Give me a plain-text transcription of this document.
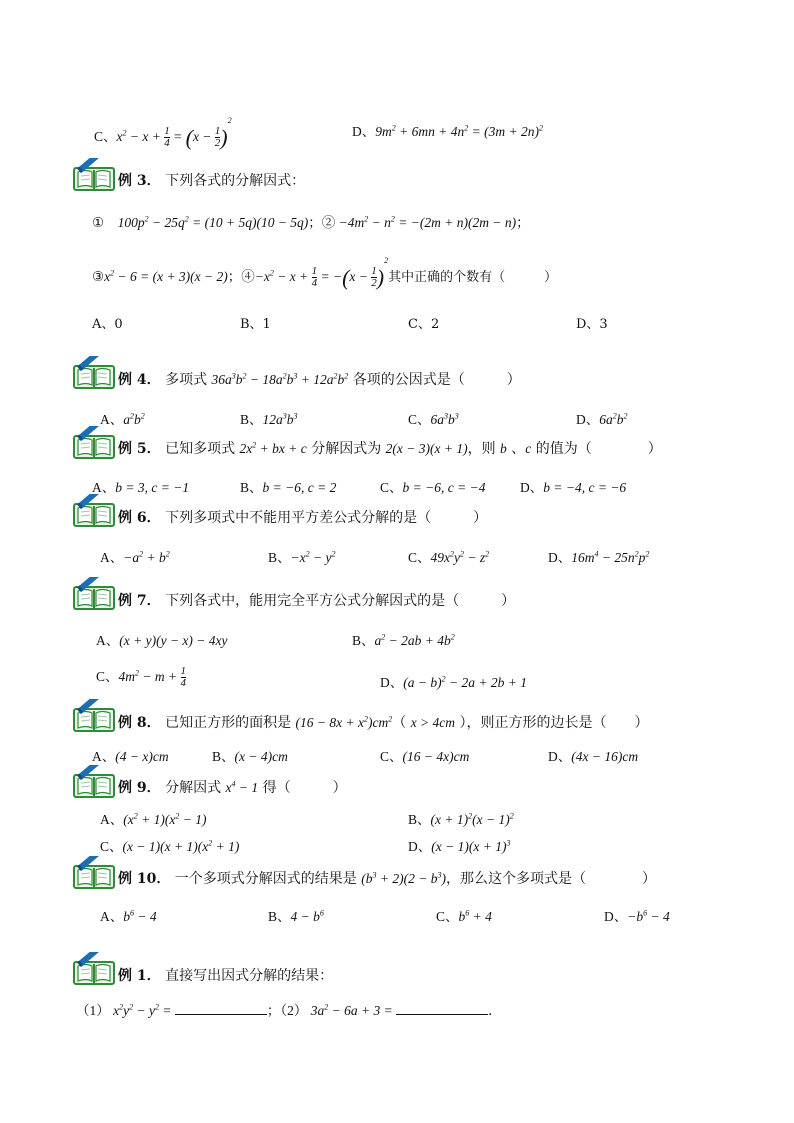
C、$x^2 - x + \frac{1}{4} = (x - \frac{1}{2} )^2$
D、$9m^2 + 6mn + 4n^2 = (3m + 2n)^2$
例 3． 下列各式的分解因式：
①　$100p^2 - 25q^2 = (10 + 5q)(10 - 5q)$；② $-4m^2 - n^2 = -(2m + n)(2m - n)$；
$③x^2 - 6 = (x + 3)(x - 2)$；$④-x^2 - x + \frac{1}{4} = -(x - \frac{1}{2} )^2$其中正确的个数有（　　　）
A、0	B、1	C、2	D、3
例 4． 多项式 $36a^3b^2 - 18a^2b^3 + 12a^2b^2$ 各项的公因式是（　　　）
A、$a^2b^2$	B、$12a^3b^3$	C、$6a^3b^3$	D、$6a^2b^2$
例 5． 已知多项式 $2x^2$ + bx + c 分解因式为 2(x − 3)(x + 1)，则 b 、c 的值为（　　　　）
A、b = 3, c = −1	B、b = −6, c = 2	C、b = −6, c = −4	D、b = −4, c = −6
例 6． 下列多项式中不能用平方差公式分解的是（　　　）
A、$-a^2 + b^2$	B、$-x^2 - y^2$	C、$49x^2y^2 - z^2$	D、$16m^4 - 25n^2p^2$
例 7． 下列各式中，能用完全平方公式分解因式的是（　　　）
A、(x + y)(y − x) − 4xy	B、$a^2 - 2ab + 4b^2$
C、$4m^2 - m + \frac{1}{4}$	D、$(a - b)^2 - 2a + 2b + 1$
例 8． 已知正方形的面积是 $(16 - 8x + x^2)cm^2$（ x > 4cm ），则正方形的边长是（　　）
A、(4 − x)cm	B、(x − 4)cm	C、(16 − 4x)cm	D、(4x − 16)cm
例 9． 分解因式 $x^4 - 1$ 得（　　　）
A、$(x^2 + 1)(x^2 - 1)$	B、$(x + 1)^2(x - 1)^2$
C、$(x - 1)(x + 1)(x^2 + 1)$	D、$(x - 1)(x + 1)^3$
例 10． 一个多项式分解因式的结果是 $(b^3 + 2)(2 - b^3)$，那么这个多项式是（　　　　）
A、$b^6 - 4$	B、$4 - b^6$	C、$b^6 + 4$	D、$-b^6 - 4$
例 1． 直接写出因式分解的结果：
（1） $x^2y^2 - y^2$ =	；（2） $3a^2 - 6a + 3$ =	．
